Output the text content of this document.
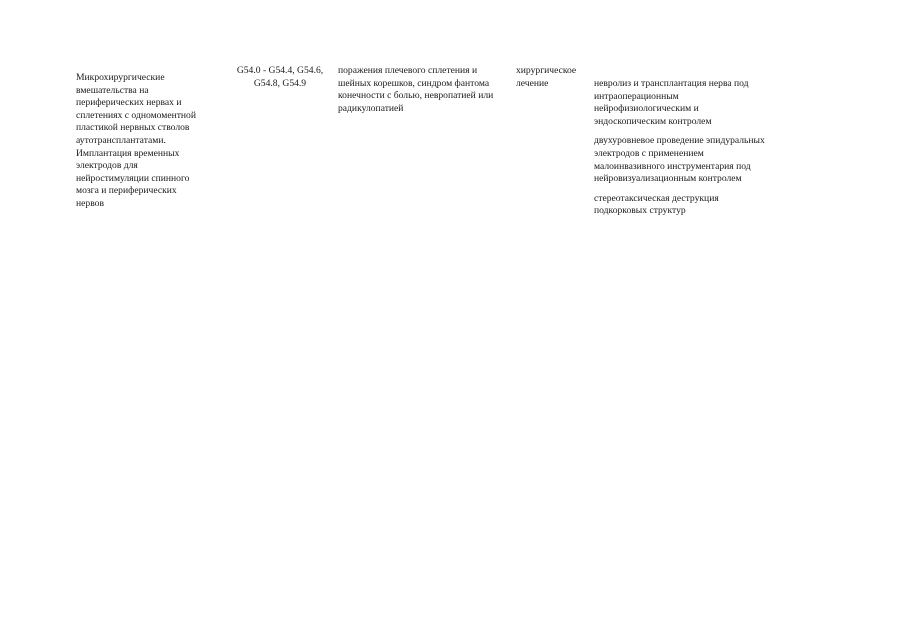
Микрохирургические
вмешательства на
периферических нервах и
сплетениях с одномоментной
пластикой нервных стволов
аутотрансплантатами.
Имплантация временных
электродов для
нейростимуляции спинного
мозга и периферических
нервов
G54.0 - G54.4, G54.6,
G54.8, G54.9
поражения плечевого сплетения и
шейных корешков, синдром фантома
конечности с болью, невропатией или
радикулопатией
хирургическое
лечение	невролиз и трансплантация нерва под
интраоперационным
нейрофизиологическим и
эндоскопическим контролем
двухуровневое проведение эпидуральных
электродов с применением
малоинвазивного инструментария под
нейровизуализационным контролем
стереотаксическая деструкция
подкорковых структур
